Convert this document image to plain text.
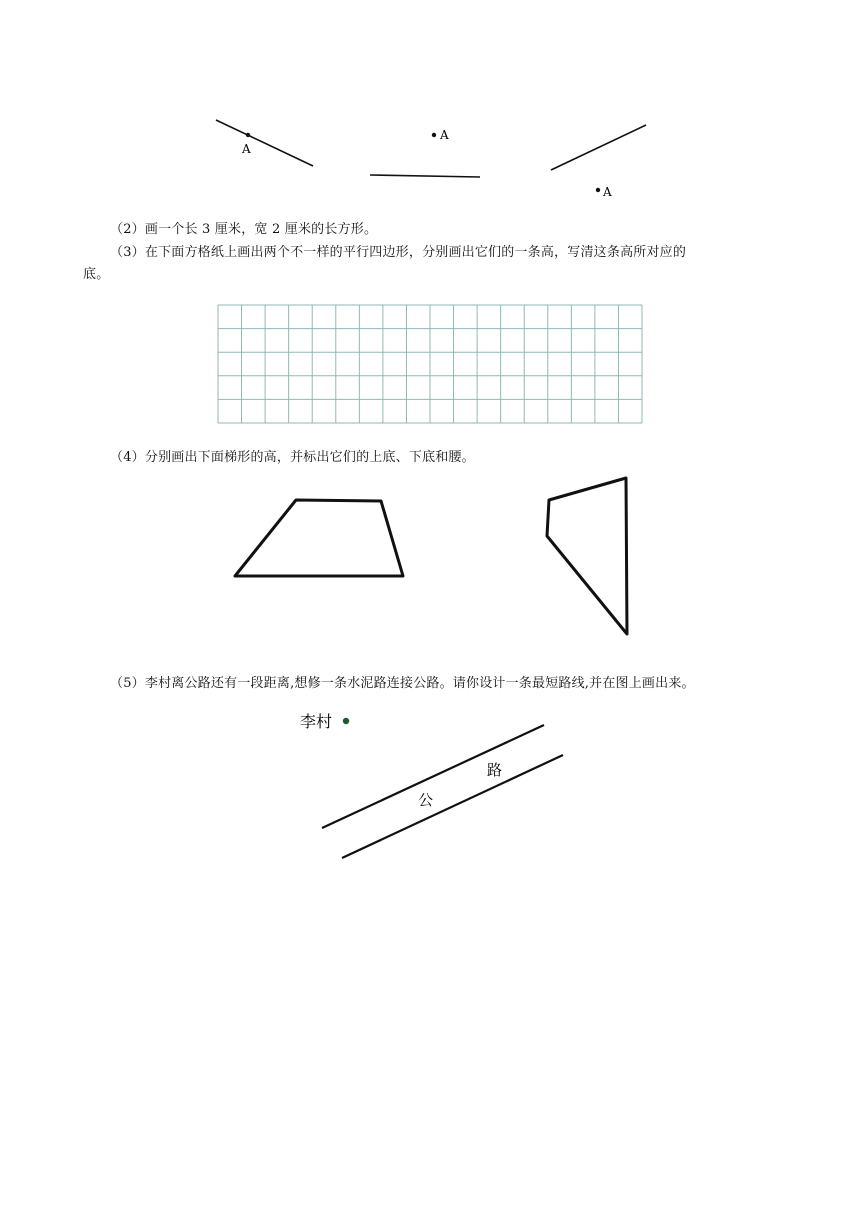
A
A
A
（2）画一个长 3 厘米，宽 2 厘米的长方形。
（3）在下面方格纸上画出两个不一样的平行四边形，分别画出它们的一条高，写清这条高所对应的
底。
（4）分别画出下面梯形的高，并标出它们的上底、下底和腰。
（5）李村离公路还有一段距离,想修一条水泥路连接公路。请你设计一条最短路线,并在图上画出来。
李村
公
路
